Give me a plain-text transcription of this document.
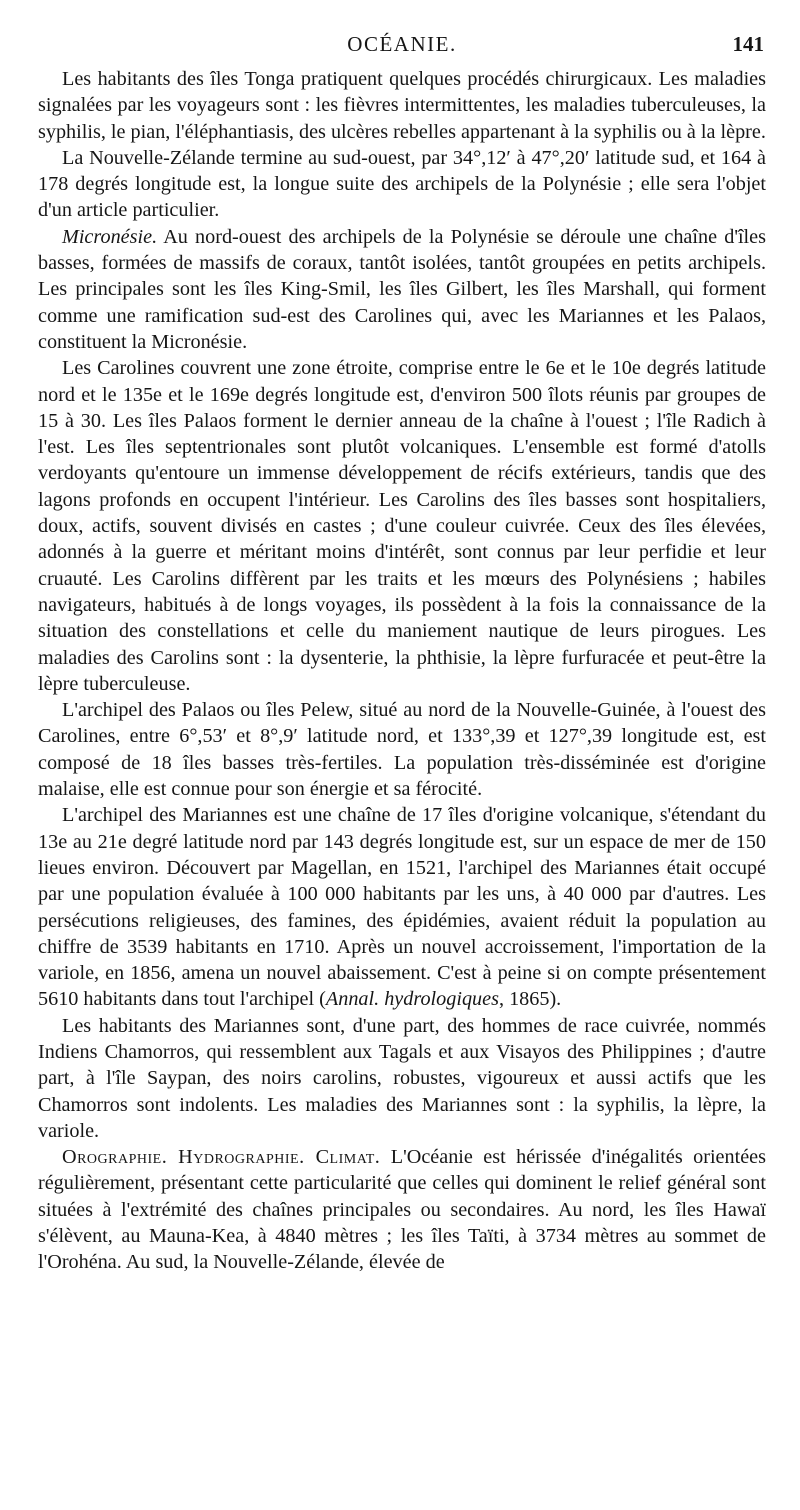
OCÉANIE.	141

Les habitants des îles Tonga pratiquent quelques procédés chirurgicaux. Les maladies signalées par les voyageurs sont : les fièvres intermittentes, les maladies tuberculeuses, la syphilis, le pian, l'éléphantiasis, des ulcères rebelles appartenant à la syphilis ou à la lèpre.

La Nouvelle-Zélande termine au sud-ouest, par 34°,12′ à 47°,20′ latitude sud, et 164 à 178 degrés longitude est, la longue suite des archipels de la Polynésie ; elle sera l'objet d'un article particulier.

Micronésie. Au nord-ouest des archipels de la Polynésie se déroule une chaîne d'îles basses, formées de massifs de coraux, tantôt isolées, tantôt groupées en petits archipels. Les principales sont les îles King-Smil, les îles Gilbert, les îles Marshall, qui forment comme une ramification sud-est des Carolines qui, avec les Mariannes et les Palaos, constituent la Micronésie.

Les Carolines couvrent une zone étroite, comprise entre le 6e et le 10e degrés latitude nord et le 135e et le 169e degrés longitude est, d'environ 500 îlots réunis par groupes de 15 à 30. Les îles Palaos forment le dernier anneau de la chaîne à l'ouest ; l'île Radich à l'est. Les îles septentrionales sont plutôt volcaniques. L'ensemble est formé d'atolls verdoyants qu'entoure un immense développement de récifs extérieurs, tandis que des lagons profonds en occupent l'intérieur. Les Carolins des îles basses sont hospitaliers, doux, actifs, souvent divisés en castes ; d'une couleur cuivrée. Ceux des îles élevées, adonnés à la guerre et méritant moins d'intérêt, sont connus par leur perfidie et leur cruauté. Les Carolins diffèrent par les traits et les mœurs des Polynésiens ; habiles navigateurs, habitués à de longs voyages, ils possèdent à la fois la connaissance de la situation des constellations et celle du maniement nautique de leurs pirogues. Les maladies des Carolins sont : la dysenterie, la phthisie, la lèpre furfuracée et peut-être la lèpre tuberculeuse.

L'archipel des Palaos ou îles Pelew, situé au nord de la Nouvelle-Guinée, à l'ouest des Carolines, entre 6°,53′ et 8°,9′ latitude nord, et 133°,39 et 127°,39 longitude est, est composé de 18 îles basses très-fertiles. La population très-disséminée est d'origine malaise, elle est connue pour son énergie et sa férocité.

L'archipel des Mariannes est une chaîne de 17 îles d'origine volcanique, s'étendant du 13e au 21e degré latitude nord par 143 degrés longitude est, sur un espace de mer de 150 lieues environ. Découvert par Magellan, en 1521, l'archipel des Mariannes était occupé par une population évaluée à 100 000 habitants par les uns, à 40 000 par d'autres. Les persécutions religieuses, des famines, des épidémies, avaient réduit la population au chiffre de 3539 habitants en 1710. Après un nouvel accroissement, l'importation de la variole, en 1856, amena un nouvel abaissement. C'est à peine si on compte présentement 5610 habitants dans tout l'archipel (Annal. hydrologiques, 1865).

Les habitants des Mariannes sont, d'une part, des hommes de race cuivrée, nommés Indiens Chamorros, qui ressemblent aux Tagals et aux Visayos des Philippines ; d'autre part, à l'île Saypan, des noirs carolins, robustes, vigoureux et aussi actifs que les Chamorros sont indolents. Les maladies des Mariannes sont : la syphilis, la lèpre, la variole.

Orographie. Hydrographie. Climat. L'Océanie est hérissée d'inégalités orientées régulièrement, présentant cette particularité que celles qui dominent le relief général sont situées à l'extrémité des chaînes principales ou secondaires. Au nord, les îles Hawaï s'élèvent, au Mauna-Kea, à 4840 mètres ; les îles Taïti, à 3734 mètres au sommet de l'Orohéna. Au sud, la Nouvelle-Zélande, élevée de
